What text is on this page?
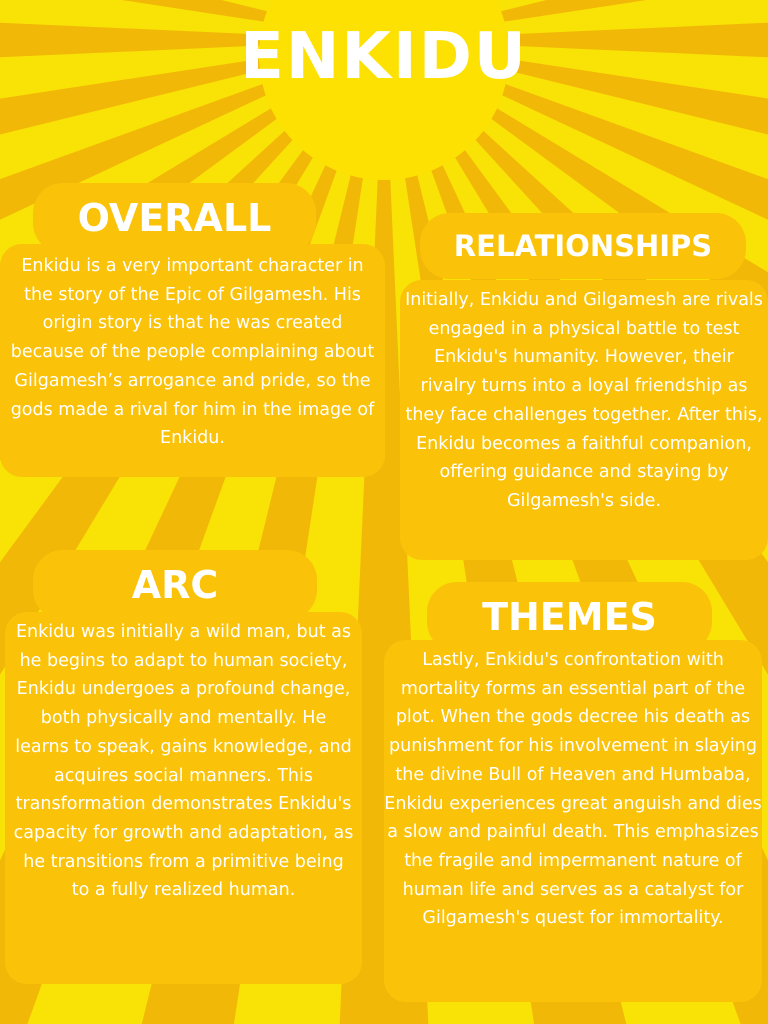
ENKIDU
OVERALL
Enkidu is a very important character in the story of the Epic of Gilgamesh. His origin story is that he was created because of the people complaining about Gilgamesh’s arrogance and pride, so the gods made a rival for him in the image of Enkidu.
RELATIONSHIPS
Initially, Enkidu and Gilgamesh are rivals engaged in a physical battle to test Enkidu's humanity. However, their rivalry turns into a loyal friendship as they face challenges together. After this, Enkidu becomes a faithful companion, offering guidance and staying by Gilgamesh's side.
ARC
Enkidu was initially a wild man, but as he begins to adapt to human society, Enkidu undergoes a profound change, both physically and mentally. He learns to speak, gains knowledge, and acquires social manners. This transformation demonstrates Enkidu's capacity for growth and adaptation, as he transitions from a primitive being to a fully realized human.
THEMES
Lastly, Enkidu's confrontation with mortality forms an essential part of the plot. When the gods decree his death as punishment for his involvement in slaying the divine Bull of Heaven and Humbaba, Enkidu experiences great anguish and dies a slow and painful death. This emphasizes the fragile and impermanent nature of human life and serves as a catalyst for Gilgamesh's quest for immortality.
